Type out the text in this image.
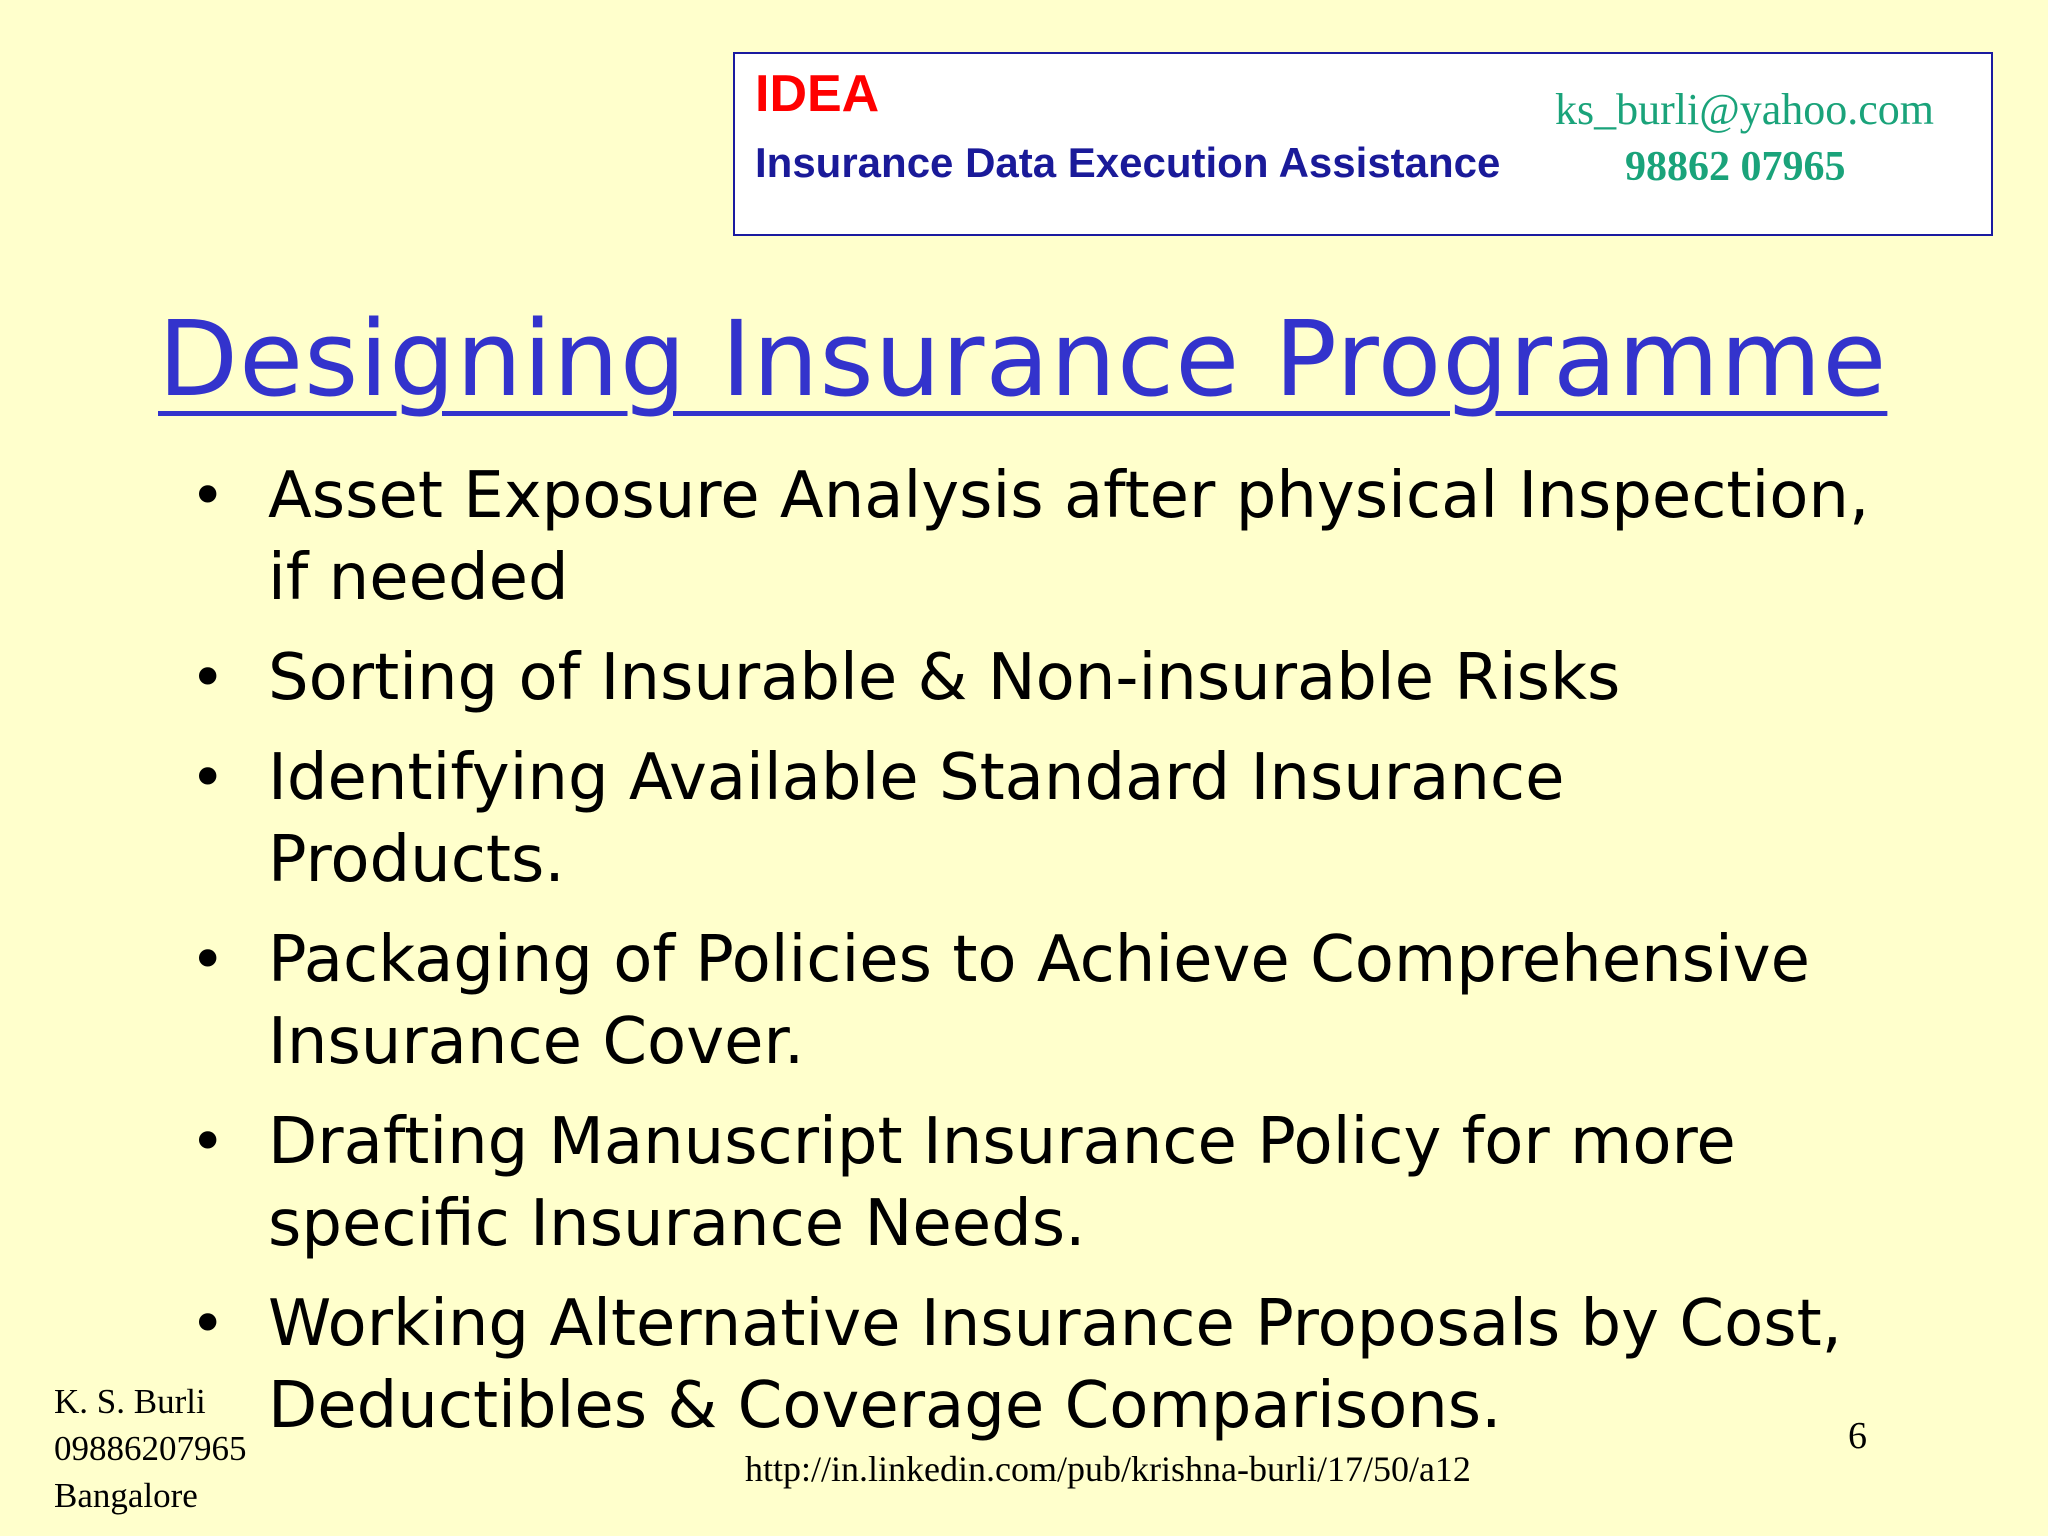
IDEA
Insurance Data Execution Assistance
ks_burli@yahoo.com
98862 07965
Designing Insurance Programme
• Asset Exposure Analysis after physical Inspection, if needed
• Sorting of Insurable & Non-insurable Risks
• Identifying Available Standard Insurance Products.
• Packaging of Policies to Achieve Comprehensive Insurance Cover.
• Drafting Manuscript Insurance Policy for more specific Insurance Needs.
• Working Alternative Insurance Proposals by Cost, Deductibles & Coverage Comparisons.
K. S. Burli
09886207965
Bangalore
http://in.linkedin.com/pub/krishna-burli/17/50/a12
6
